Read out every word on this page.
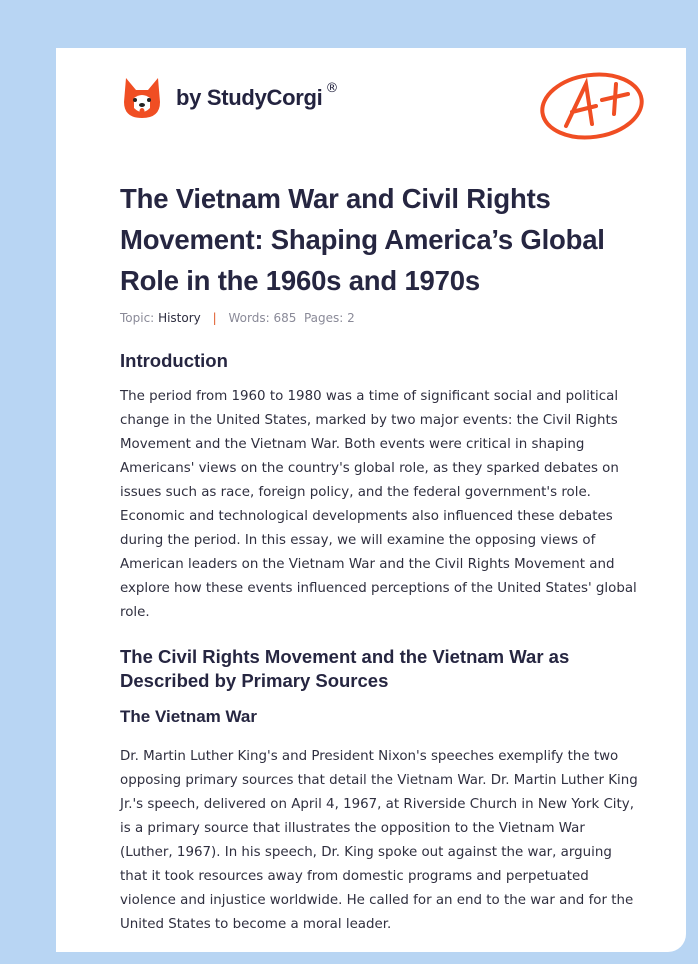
by StudyCorgi ®
The Vietnam War and Civil Rights Movement: Shaping America’s Global Role in the 1960s and 1970s
Topic: History | Words: 685 Pages: 2
Introduction

The period from 1960 to 1980 was a time of significant social and political change in the United States, marked by two major events: the Civil Rights Movement and the Vietnam War. Both events were critical in shaping Americans' views on the country's global role, as they sparked debates on issues such as race, foreign policy, and the federal government's role. Economic and technological developments also influenced these debates during the period. In this essay, we will examine the opposing views of American leaders on the Vietnam War and the Civil Rights Movement and explore how these events influenced perceptions of the United States' global role.

The Civil Rights Movement and the Vietnam War as Described by Primary Sources
The Vietnam War

Dr. Martin Luther King's and President Nixon's speeches exemplify the two opposing primary sources that detail the Vietnam War. Dr. Martin Luther King Jr.'s speech, delivered on April 4, 1967, at Riverside Church in New York City, is a primary source that illustrates the opposition to the Vietnam War (Luther, 1967). In his speech, Dr. King spoke out against the war, arguing that it took resources away from domestic programs and perpetuated violence and injustice worldwide. He called for an end to the war and for the United States to become a moral leader.
